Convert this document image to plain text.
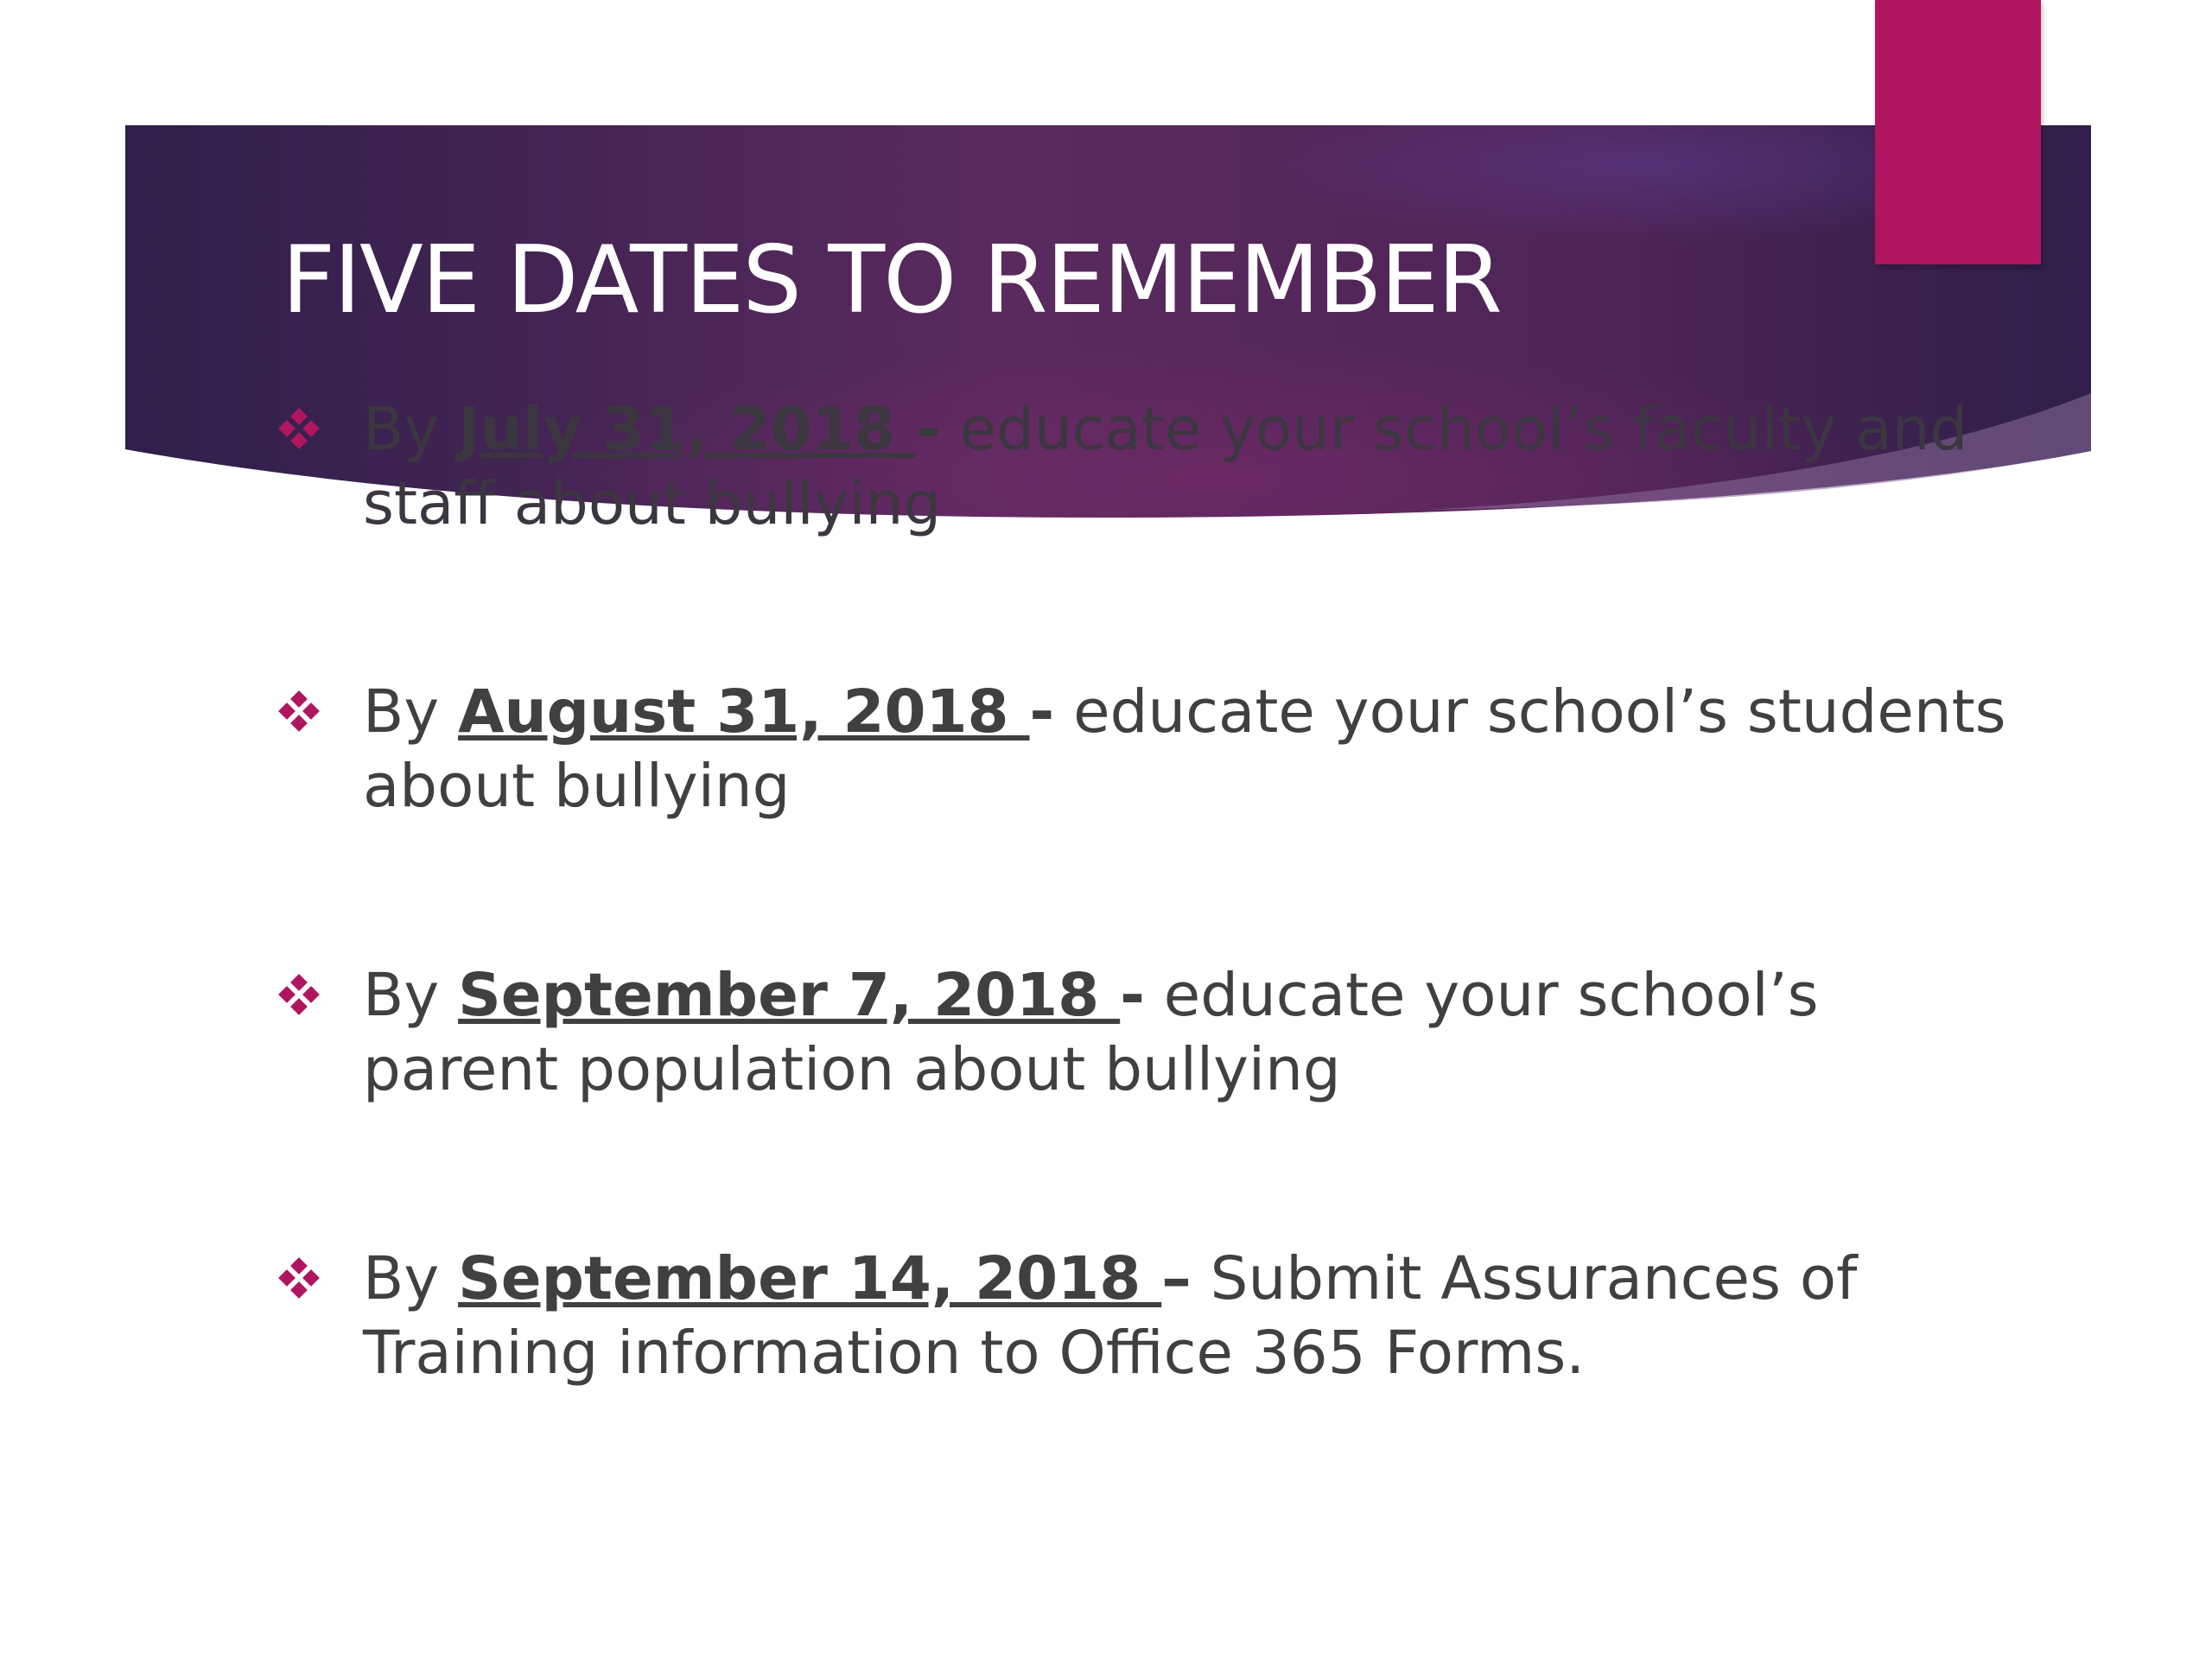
FIVE DATES TO REMEMBER
By July 31, 2018 - educate your school’s faculty and staff about bullying
By August 31, 2018 - educate your school’s students about bullying
By September 7, 2018 - educate your school’s parent population about bullying
By September 14, 2018 – Submit Assurances of Training information to Office 365 Forms.
